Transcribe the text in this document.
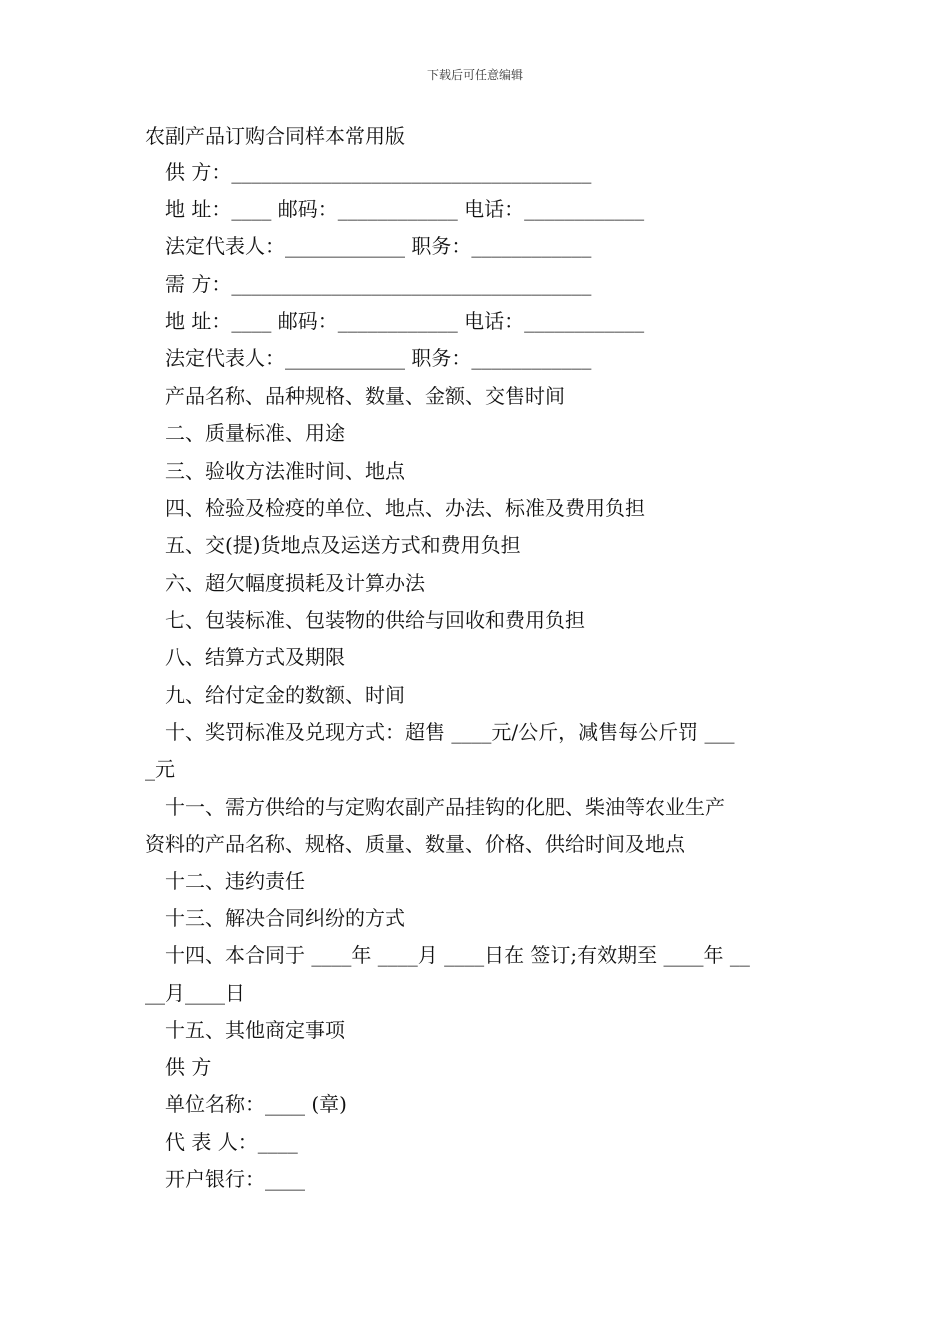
下载后可任意编辑
农副产品订购合同样本常用版
供 方：____________________________________
地 址：____ 邮码：____________ 电话：____________
法定代表人：____________ 职务：____________
需 方：____________________________________
地 址：____ 邮码：____________ 电话：____________
法定代表人：____________ 职务：____________
产品名称、品种规格、数量、金额、交售时间
二、质量标准、用途
三、验收方法准时间、地点
四、检验及检疫的单位、地点、办法、标准及费用负担
五、交(提)货地点及运送方式和费用负担
六、超欠幅度损耗及计算办法
七、包装标准、包装物的供给与回收和费用负担
八、结算方式及期限
九、给付定金的数额、时间
十、奖罚标准及兑现方式：超售 ____元/公斤，减售每公斤罚 ___
_元
十一、需方供给的与定购农副产品挂钩的化肥、柴油等农业生产
资料的产品名称、规格、质量、数量、价格、供给时间及地点
十二、违约责任
十三、解决合同纠纷的方式
十四、本合同于 ____年 ____月 ____日在 签订;有效期至 ____年 __
__月____日
十五、其他商定事项
供 方
单位名称：____ (章)
代 表 人：____
开户银行：____
